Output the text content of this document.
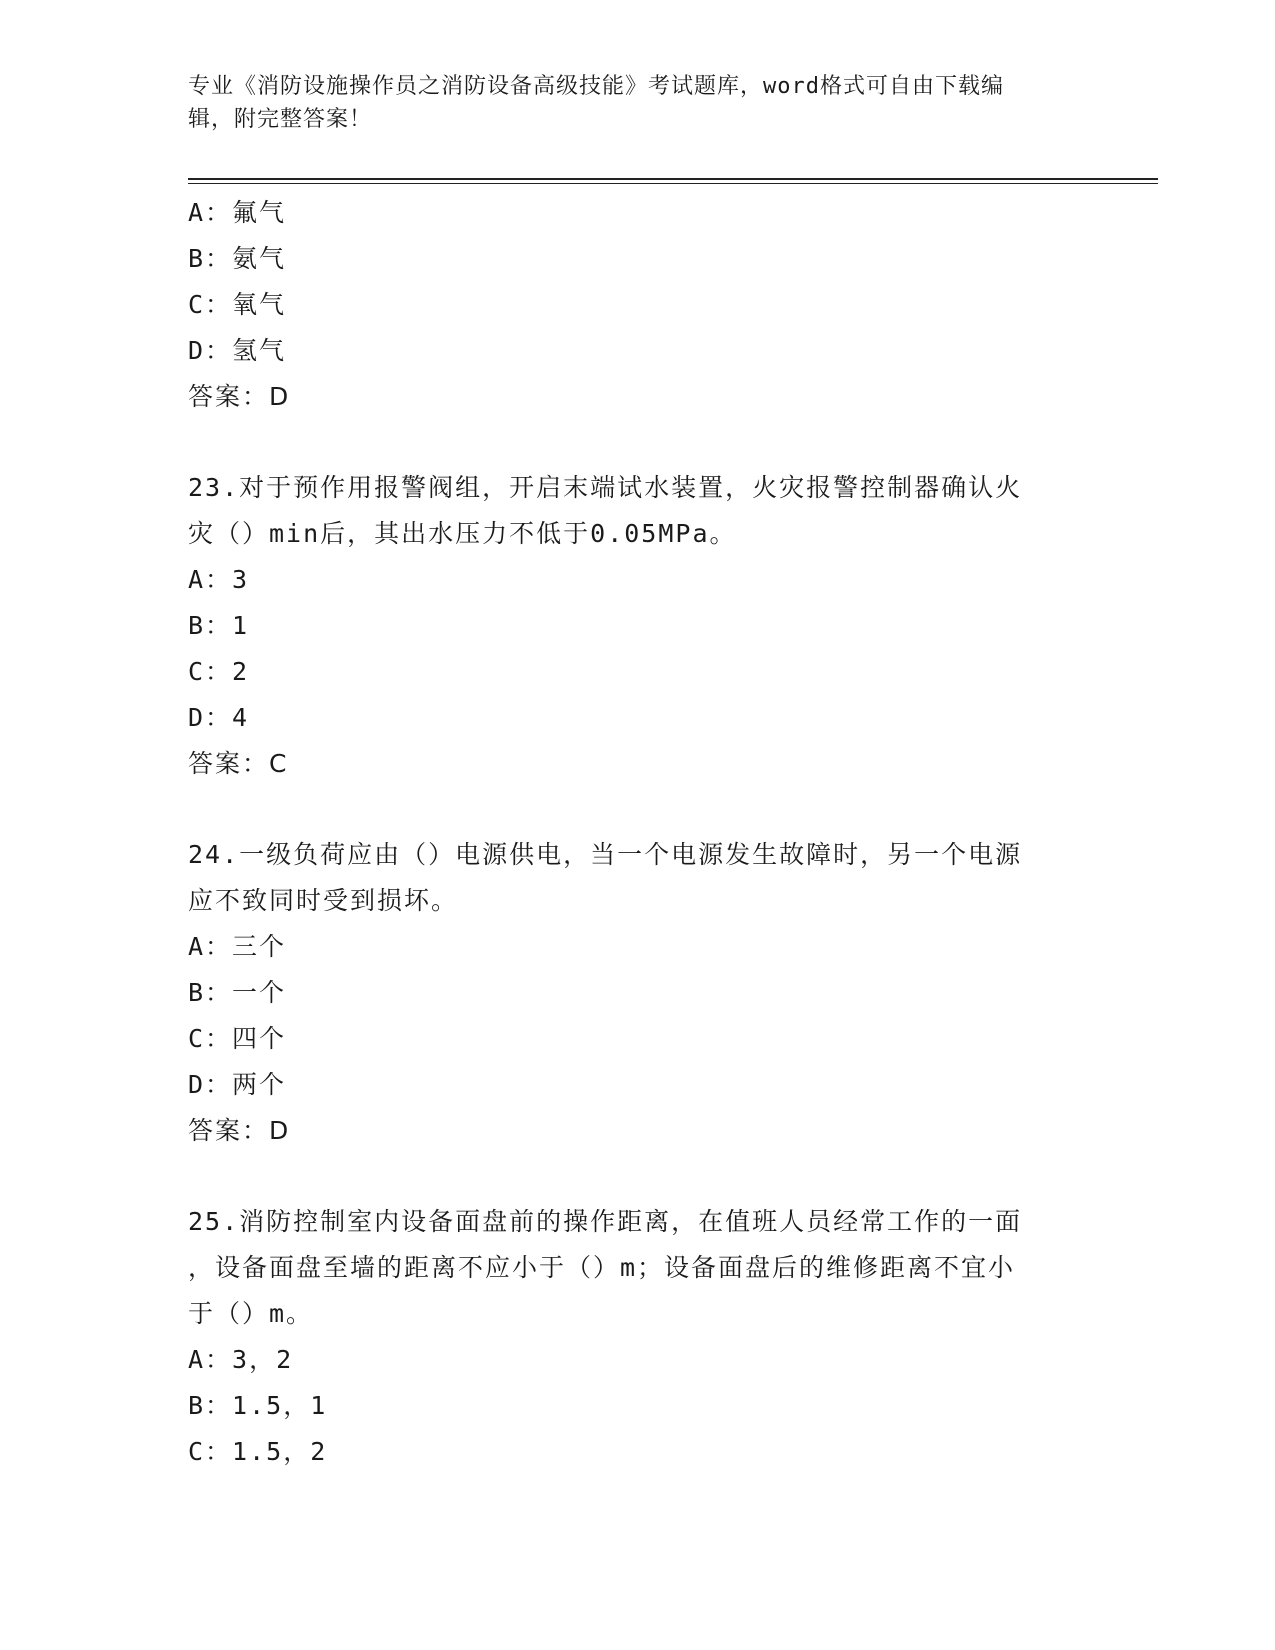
专业《消防设施操作员之消防设备高级技能》考试题库，word格式可自由下载编
辑，附完整答案！
A：氟气
B：氨气
C：氧气
D：氢气
答案：D
23.对于预作用报警阀组，开启末端试水装置，火灾报警控制器确认火
灾（）min后，其出水压力不低于0.05MPa。
A：3
B：1
C：2
D：4
答案：C
24.一级负荷应由（）电源供电，当一个电源发生故障时，另一个电源
应不致同时受到损坏。
A：三个
B：一个
C：四个
D：两个
答案：D
25.消防控制室内设备面盘前的操作距离，在值班人员经常工作的一面
，设备面盘至墙的距离不应小于（）m；设备面盘后的维修距离不宜小
于（）m。
A：3，2
B：1.5，1
C：1.5，2
